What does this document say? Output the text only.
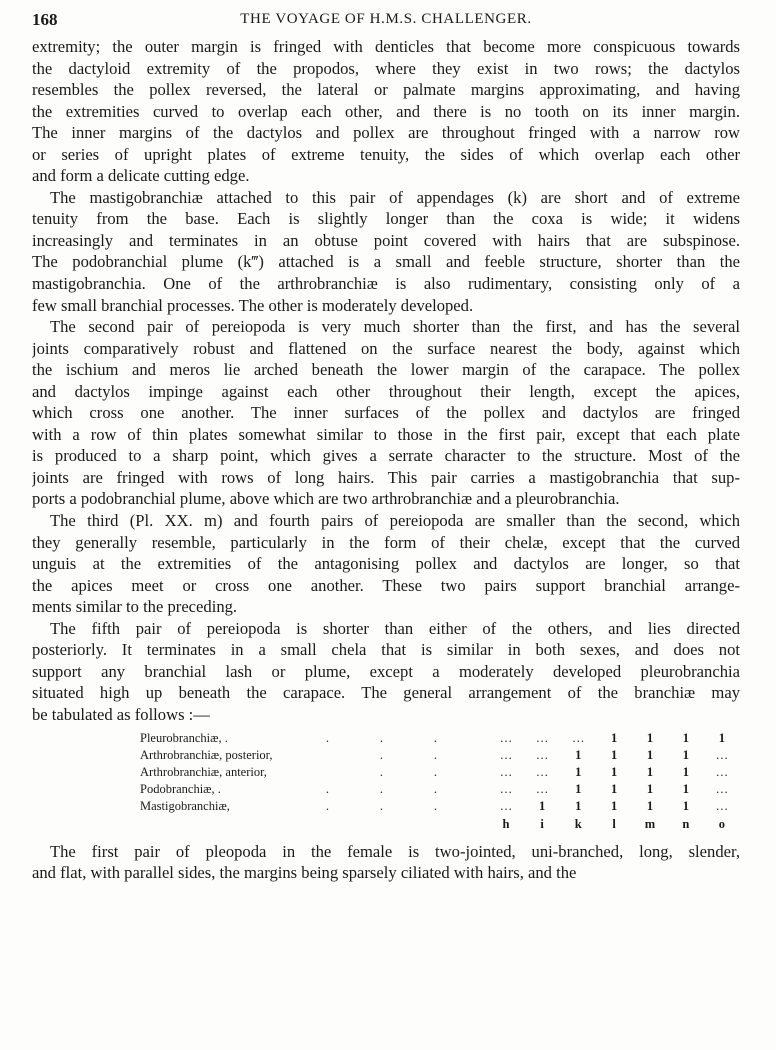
168	THE VOYAGE OF H.M.S. CHALLENGER.
extremity; the outer margin is fringed with denticles that become more conspicuous towards
the dactyloid extremity of the propodos, where they exist in two rows; the dactylos
resembles the pollex reversed, the lateral or palmate margins approximating, and having
the extremities curved to overlap each other, and there is no tooth on its inner margin.
The inner margins of the dactylos and pollex are throughout fringed with a narrow row
or series of upright plates of extreme tenuity, the sides of which overlap each other
and form a delicate cutting edge.
The mastigobranchiæ attached to this pair of appendages (k) are short and of extreme
tenuity from the base. Each is slightly longer than the coxa is wide; it widens
increasingly and terminates in an obtuse point covered with hairs that are subspinose.
The podobranchial plume (k‴) attached is a small and feeble structure, shorter than the
mastigobranchia. One of the arthrobranchiæ is also rudimentary, consisting only of a
few small branchial processes. The other is moderately developed.
The second pair of pereiopoda is very much shorter than the first, and has the several
joints comparatively robust and flattened on the surface nearest the body, against which
the ischium and meros lie arched beneath the lower margin of the carapace. The pollex
and dactylos impinge against each other throughout their length, except the apices,
which cross one another. The inner surfaces of the pollex and dactylos are fringed
with a row of thin plates somewhat similar to those in the first pair, except that each plate
is produced to a sharp point, which gives a serrate character to the structure. Most of the
joints are fringed with rows of long hairs. This pair carries a mastigobranchia that sup-
ports a podobranchial plume, above which are two arthrobranchiæ and a pleurobranchia.
The third (Pl. XX. m) and fourth pairs of pereiopoda are smaller than the second, which
they generally resemble, particularly in the form of their chelæ, except that the curved
unguis at the extremities of the antagonising pollex and dactylos are longer, so that
the apices meet or cross one another. These two pairs support branchial arrange-
ments similar to the preceding.
The fifth pair of pereiopoda is shorter than either of the others, and lies directed
posteriorly. It terminates in a small chela that is similar in both sexes, and does not
support any branchial lash or plume, except a moderately developed pleurobranchia
situated high up beneath the carapace. The general arrangement of the branchiæ may
be tabulated as follows :—
Pleurobranchiæ, .	.	.	.	…	…	…	1	1	1	1
Arthrobranchiæ, posterior,		.	.	…	…	1	1	1	1	…
Arthrobranchiæ, anterior,		.	.	…	…	1	1	1	1	…
Podobranchiæ, .	.	.	.	…	…	1	1	1	1	…
Mastigobranchiæ,	.	.	.	…	1	1	1	1	1	…
				h	i	k	l	m	n	o
The first pair of pleopoda in the female is two-jointed, uni-branched, long, slender,
and flat, with parallel sides, the margins being sparsely ciliated with hairs, and the
